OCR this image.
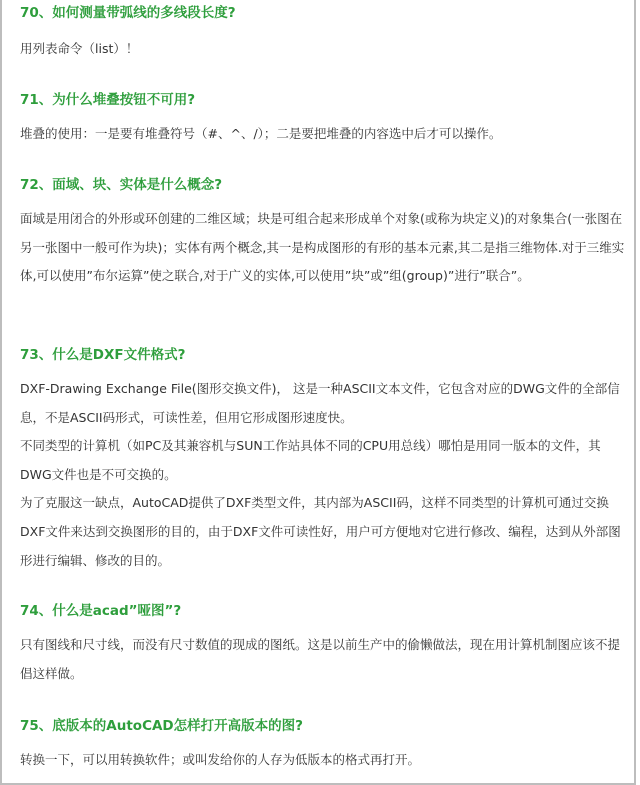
70、如何测量带弧线的多线段长度?

用列表命令（list）！

71、为什么堆叠按钮不可用?

堆叠的使用：一是要有堆叠符号（#、^、/）；二是要把堆叠的内容选中后才可以操作。

72、面域、块、实体是什么概念?

面域是用闭合的外形或环创建的二维区域；块是可组合起来形成单个对象(或称为块定义)的对象集合(一张图在另一张图中一般可作为块)；实体有两个概念,其一是构成图形的有形的基本元素,其二是指三维物体.对于三维实体,可以使用”布尔运算”使之联合,对于广义的实体,可以使用”块”或”组(group)”进行”联合”。

73、什么是DXF文件格式?

DXF-Drawing Exchange File(图形交换文件)， 这是一种ASCII文本文件，它包含对应的DWG文件的全部信息，不是ASCII码形式，可读性差，但用它形成图形速度快。

不同类型的计算机（如PC及其兼容机与SUN工作站具体不同的CPU用总线）哪怕是用同一版本的文件，其DWG文件也是不可交换的。

为了克服这一缺点，AutoCAD提供了DXF类型文件，其内部为ASCII码，这样不同类型的计算机可通过交换DXF文件来达到交换图形的目的，由于DXF文件可读性好，用户可方便地对它进行修改、编程，达到从外部图形进行编辑、修改的目的。

74、什么是acad”哑图”?

只有图线和尺寸线，而没有尺寸数值的现成的图纸。这是以前生产中的偷懒做法，现在用计算机制图应该不提倡这样做。

75、底版本的AutoCAD怎样打开高版本的图?

转换一下，可以用转换软件；或叫发给你的人存为低版本的格式再打开。
